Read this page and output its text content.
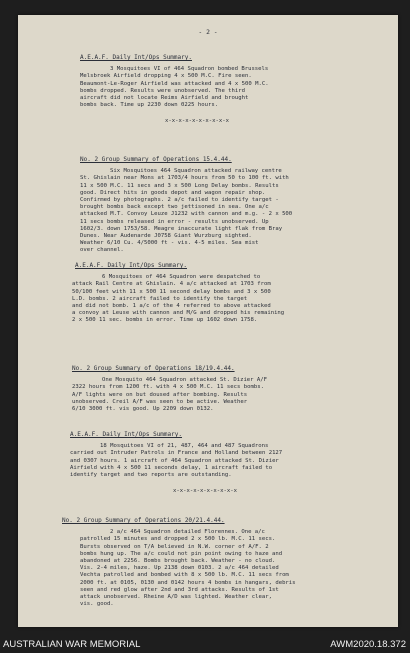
- 2 -
A.E.A.F. Daily Int/Ops Summary.
3 Mosquitoes VI of 464 Squadron bombed Brussels
Melsbroek Airfield dropping 4 x 500 M.C. Fire seen.
Beaumont-Le-Roger Airfield was attacked and 4 x 500 M.C.
bombs dropped. Results were unobserved. The third
aircraft did not locate Reims Airfield and brought
bombs back. Time up 2230 down 0225 hours.
x-x-x-x-x-x-x-x-x-x
No. 2 Group Summary of Operations 15.4.44.
Six Mosquitoes 464 Squadron attacked railway centre
St. Ghislain near Mons at 1703/4 hours from 50 to 100 ft. with
11 x 500 M.C. 11 secs and 3 x 500 Long Delay bombs. Results
good. Direct hits in goods depot and wagon repair shop.
Confirmed by photographs. 2 a/c failed to identify target -
brought bombs back except two jettisoned in sea. One a/c
attacked M.T. Convoy Leuze J1232 with cannon and m.g. - 2 x 500
11 secs bombs released in error - results unobserved. Up
1602/3. down 1753/58. Meagre inaccurate light flak from Bray
Dunes. Near Audenarde J0758 Giant Wurzburg sighted.
Weather 6/10 Cu. 4/5000 ft - vis. 4-5 miles. Sea mist
over channel.
A.E.A.F. Daily Int/Ops Summary.
6 Mosquitoes of 464 Squadron were despatched to
attack Rail Centre at Ghislain. 4 a/c attacked at 1703 from
50/100 feet with 11 x 500 11 second delay bombs and 3 x 500
L.D. bombs. 2 aircraft failed to identify the target
and did not bomb. 1 a/c of the 4 referred to above attacked
a convoy at Leuse with cannon and M/G and dropped his remaining
2 x 500 11 sec. bombs in error. Time up 1602 down 1758.
No. 2 Group Summary of Operations 18/19.4.44.
One Mosquito 464 Squadron attacked St. Dizier A/F
2322 hours from 1200 ft. with 4 x 500 M.C. 11 secs bombs.
A/F lights were on but doused after bombing. Results
unobserved. Creil A/F was seen to be active. Weather
6/10 3000 ft. vis good. Up 2209 down 0132.
A.E.A.F. Daily Int/Ops Summary.
18 Mosquitoes VI of 21, 487, 464 and 487 Squadrons
carried out Intruder Patrols in France and Holland between 2127
and 0307 hours. 1 aircraft of 464 Squadron attacked St. Dizier
Airfield with 4 x 500 11 seconds delay, 1 aircraft failed to
identify target and two reports are outstanding.
x-x-x-x-x-x-x-x-x-x
No. 2 Group Summary of Operations 20/21.4.44.
2 a/c 464 Squadron detailed Florennes. One a/c
patrolled 15 minutes and dropped 2 x 500 lb. M.C. 11 secs.
Bursts observed on T/A believed in N.W. corner of A/F. 2
bombs hung up. The a/c could not pin point owing to haze and
abandoned at 2256. Bombs brought back. Weather - no cloud.
Vis. 2-4 miles, haze. Up 2138 down 0103. 2 a/c 464 detailed
Vechta patrolled and bombed with 8 x 500 lb. M.C. 11 secs from
2000 ft. at 0105, 0130 and 0142 hours 4 bombs in hangars, debris
seen and red glow after 2nd and 3rd attacks. Results of 1st
attack unobserved. Rheine A/D was lighted. Weather clear,
vis. good.
AUSTRALIAN WAR MEMORIAL	AWM2020.18.372
